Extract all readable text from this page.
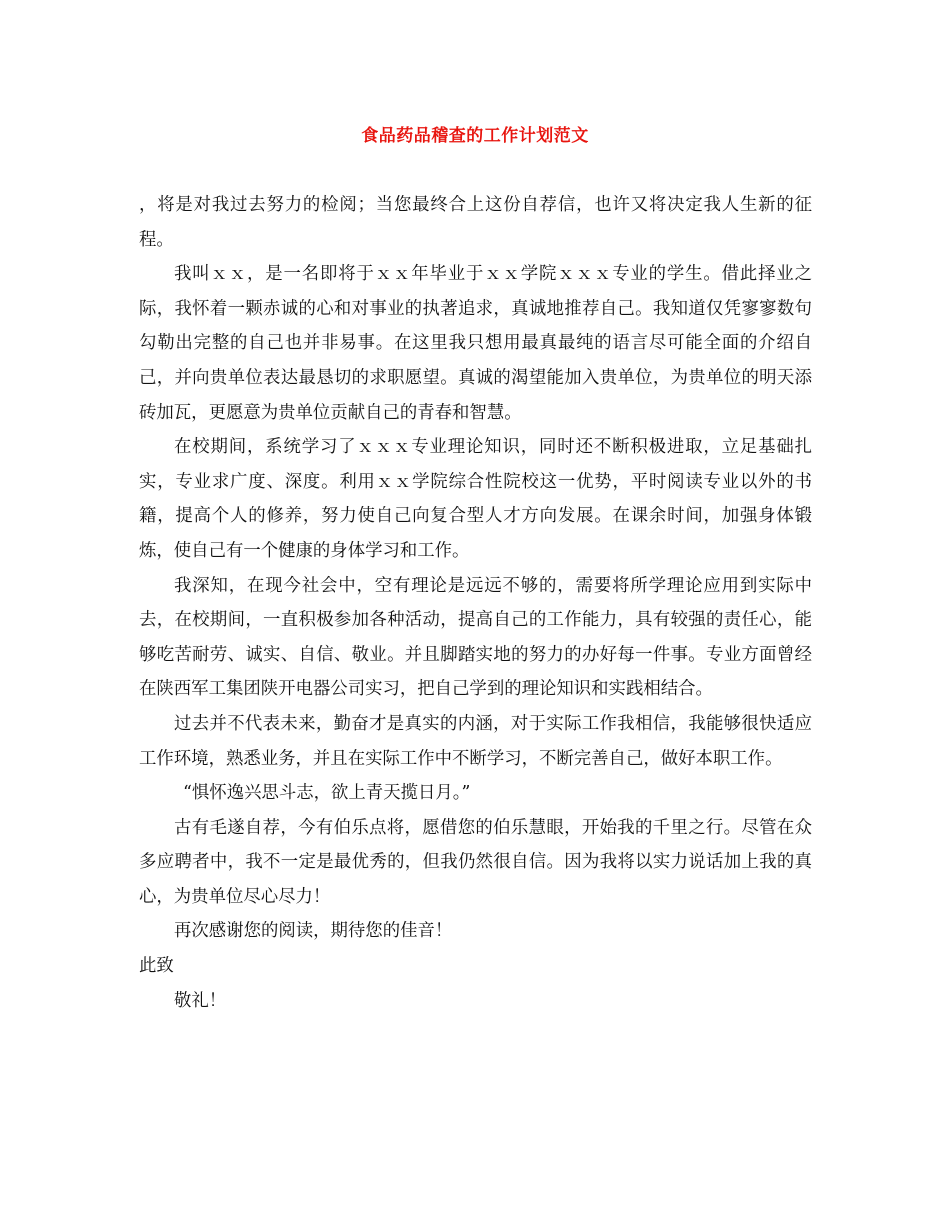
食品药品稽查的工作计划范文

，将是对我过去努力的检阅；当您最终合上这份自荐信，也许又将决定我人生新的征程。

我叫ｘｘ，是一名即将于ｘｘ年毕业于ｘｘ学院ｘｘｘ专业的学生。借此择业之际，我怀着一颗赤诚的心和对事业的执著追求，真诚地推荐自己。我知道仅凭寥寥数句勾勒出完整的自己也并非易事。在这里我只想用最真最纯的语言尽可能全面的介绍自己，并向贵单位表达最恳切的求职愿望。真诚的渴望能加入贵单位，为贵单位的明天添砖加瓦，更愿意为贵单位贡献自己的青春和智慧。

在校期间，系统学习了ｘｘｘ专业理论知识，同时还不断积极进取，立足基础扎实，专业求广度、深度。利用ｘｘ学院综合性院校这一优势，平时阅读专业以外的书籍，提高个人的修养，努力使自己向复合型人才方向发展。在课余时间，加强身体锻炼，使自己有一个健康的身体学习和工作。

我深知，在现今社会中，空有理论是远远不够的，需要将所学理论应用到实际中去，在校期间，一直积极参加各种活动，提高自己的工作能力，具有较强的责任心，能够吃苦耐劳、诚实、自信、敬业。并且脚踏实地的努力的办好每一件事。专业方面曾经在陕西军工集团陕开电器公司实习，把自己学到的理论知识和实践相结合。

过去并不代表未来，勤奋才是真实的内涵，对于实际工作我相信，我能够很快适应工作环境，熟悉业务，并且在实际工作中不断学习，不断完善自己，做好本职工作。

“惧怀逸兴思斗志，欲上青天揽日月。”

古有毛遂自荐，今有伯乐点将，愿借您的伯乐慧眼，开始我的千里之行。尽管在众多应聘者中，我不一定是最优秀的，但我仍然很自信。因为我将以实力说话加上我的真心，为贵单位尽心尽力！

再次感谢您的阅读，期待您的佳音！

此致

敬礼！
